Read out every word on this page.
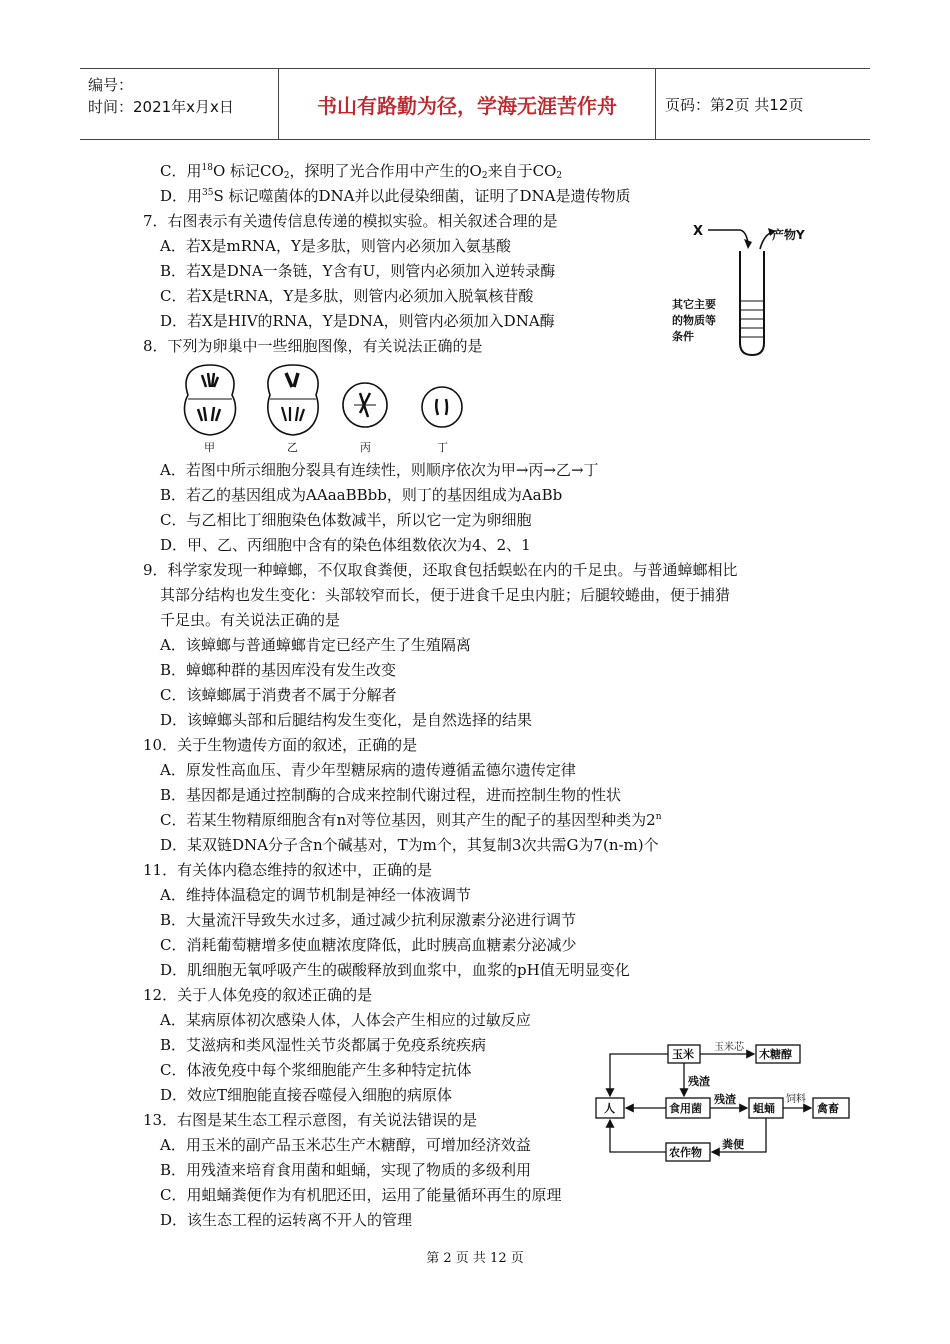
编号：
时间：2021年x月x日	书山有路勤为径，学海无涯苦作舟	页码：第2页 共12页
C．用$^{18}$O 标记$CO_2$，探明了光合作用中产生的$O_2$来自于$CO_2$
D．用$^{35}$S 标记噬菌体的DNA并以此侵染细菌，证明了DNA是遗传物质
7．右图表示有关遗传信息传递的模拟实验。相关叙述合理的是
A．若X是mRNA，Y是多肽，则管内必须加入氨基酸
B．若X是DNA一条链，Y含有U，则管内必须加入逆转录酶
C．若X是tRNA，Y是多肽，则管内必须加入脱氧核苷酸
D．若X是HIV的RNA，Y是DNA，则管内必须加入DNA酶
X	产物Y
其它主要
的物质等
条件
8．下列为卵巢中一些细胞图像，有关说法正确的是
甲	乙	丙	丁
A．若图中所示细胞分裂具有连续性，则顺序依次为甲→丙→乙→丁
B．若乙的基因组成为AAaaBBbb，则丁的基因组成为AaBb
C．与乙相比丁细胞染色体数减半，所以它一定为卵细胞
D．甲、乙、丙细胞中含有的染色体组数依次为4、2、1
9．科学家发现一种蟑螂，不仅取食粪便，还取食包括蜈蚣在内的千足虫。与普通蟑螂相比
其部分结构也发生变化：头部较窄而长，便于进食千足虫内脏；后腿较蜷曲，便于捕猎
千足虫。有关说法正确的是
A．该蟑螂与普通蟑螂肯定已经产生了生殖隔离
B．蟑螂种群的基因库没有发生改变
C．该蟑螂属于消费者不属于分解者
D．该蟑螂头部和后腿结构发生变化，是自然选择的结果
10．关于生物遗传方面的叙述，正确的是
A．原发性高血压、青少年型糖尿病的遗传遵循孟德尔遗传定律
B．基因都是通过控制酶的合成来控制代谢过程，进而控制生物的性状
C．若某生物精原细胞含有n对等位基因，则其产生的配子的基因型种类为2$^n$
D．某双链DNA分子含n个碱基对，T为m个，其复制3次共需G为7(n-m)个
11．有关体内稳态维持的叙述中，正确的是
A．维持体温稳定的调节机制是神经一体液调节
B．大量流汗导致失水过多，通过减少抗利尿激素分泌进行调节
C．消耗葡萄糖增多使血糖浓度降低，此时胰高血糖素分泌减少
D．肌细胞无氧呼吸产生的碳酸释放到血浆中，血浆的pH值无明显变化
12．关于人体免疫的叙述正确的是
A．某病原体初次感染人体，人体会产生相应的过敏反应
B．艾滋病和类风湿性关节炎都属于免疫系统疾病
C．体液免疫中每个浆细胞能产生多种特定抗体
D．效应T细胞能直接吞噬侵入细胞的病原体
13．右图是某生态工程示意图，有关说法错误的是
A．用玉米的副产品玉米芯生产木糖醇，可增加经济效益
B．用残渣来培育食用菌和蛆蛹，实现了物质的多级利用
C．用蛆蛹粪便作为有机肥还田，运用了能量循环再生的原理
D．该生态工程的运转离不开人的管理
玉米	木糖醇
人	食用菌	蛆蛹	禽畜
农作物
玉米芯
残渣
残渣	饲料
粪便
第 2 页 共 12 页
